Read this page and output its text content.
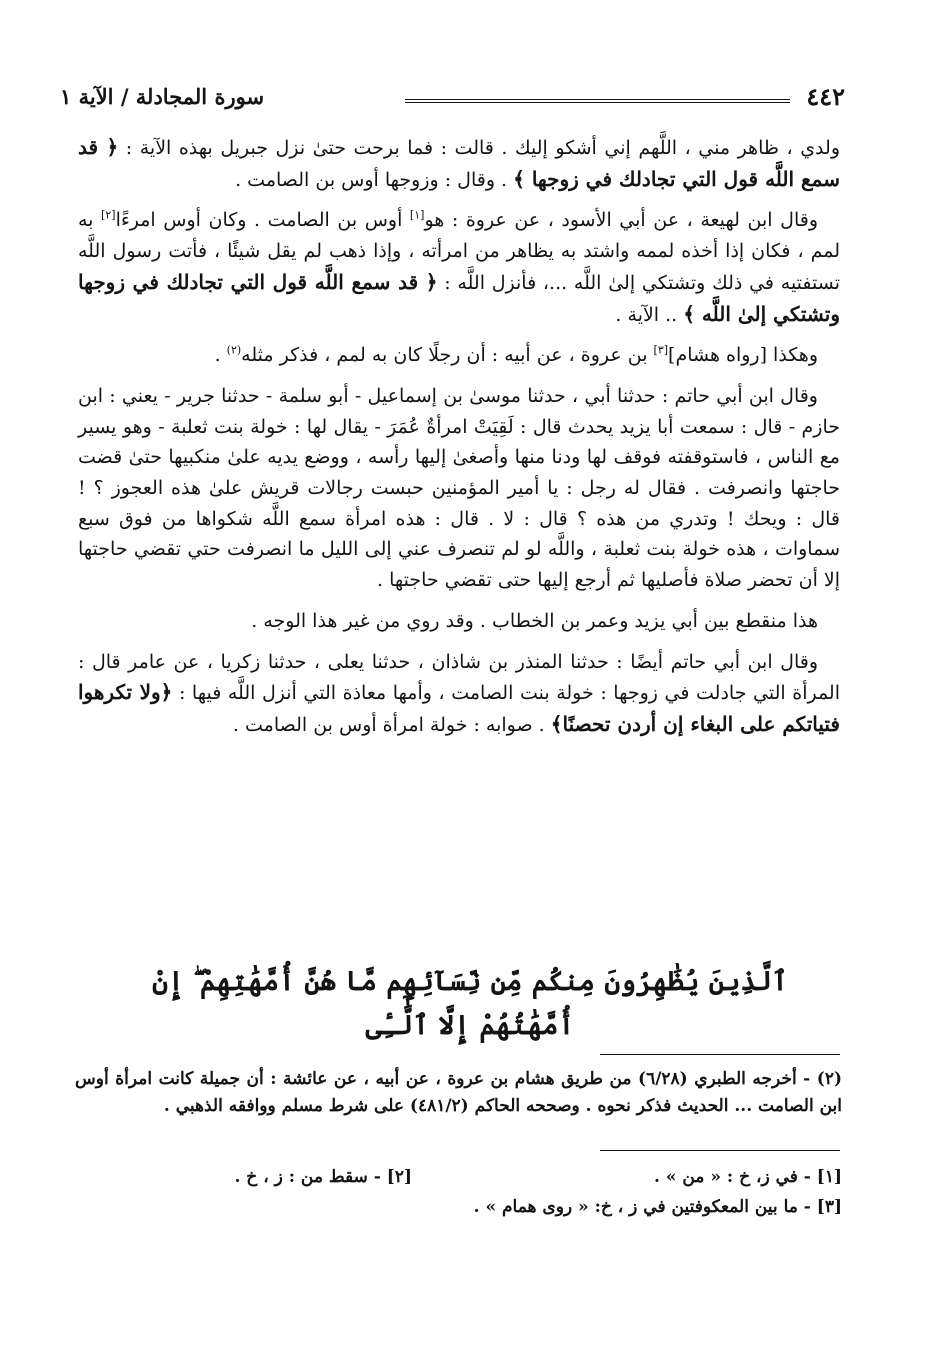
سورة المجادلة / الآية ١	٤٤٢

ولدي ، ظاهر مني ، اللَّهم إني أشكو إليك . قالت : فما برحت حتىٰ نزل جبريل بهذه الآية : ﴿ قد سمع اللَّه قول التي تجادلك في زوجها ﴾ . وقال : وزوجها أوس بن الصامت .

وقال ابن لهيعة ، عن أبي الأسود ، عن عروة : هو[١] أوس بن الصامت . وكان أوس امرءًا[٢] به لمم ، فكان إذا أخذه لممه واشتد به يظاهر من امرأته ، وإذا ذهب لم يقل شيئًا ، فأتت رسول اللَّه تستفتيه في ذلك وتشتكي إلىٰ اللَّه ...، فأنزل اللَّه : ﴿ قد سمع اللَّه قول التي تجادلك في زوجها وتشتكي إلىٰ اللَّه ﴾ .. الآية .

وهكذا [رواه هشام][٣] بن عروة ، عن أبيه : أن رجلًا كان به لمم ، فذكر مثله$^{(٢)}$ .

وقال ابن أبي حاتم : حدثنا أبي ، حدثنا موسىٰ بن إسماعيل - أبو سلمة - حدثنا جرير - يعني : ابن حازم - قال : سمعت أبا يزيد يحدث قال : لَقِيَتْ امرأةٌ عُمَرَ - يقال لها : خولة بنت ثعلبة - وهو يسير مع الناس ، فاستوقفته فوقف لها ودنا منها وأصغىٰ إليها رأسه ، ووضع يديه علىٰ منكبيها حتىٰ قضت حاجتها وانصرفت . فقال له رجل : يا أمير المؤمنين حبست رجالات قريش علىٰ هذه العجوز ؟ ! قال : ويحك ! وتدري من هذه ؟ قال : لا . قال : هذه امرأة سمع اللَّه شكواها من فوق سبع سماوات ، هذه خولة بنت ثعلبة ، واللَّه لو لم تنصرف عني إلى الليل ما انصرفت حتي تقضي حاجتها إلا أن تحضر صلاة فأصليها ثم أرجع إليها حتى تقضي حاجتها .

هذا منقطع بين أبي يزيد وعمر بن الخطاب . وقد روي من غير هذا الوجه .

وقال ابن أبي حاتم أيضًا : حدثنا المنذر بن شاذان ، حدثنا يعلى ، حدثنا زكريا ، عن عامر قال : المرأة التي جادلت في زوجها : خولة بنت الصامت ، وأمها معاذة التي أنزل اللَّه فيها : ﴿ولا تكرهوا فتياتكم على البغاء إن أردن تحصنًا﴾ . صوابه : خولة امرأة أوس بن الصامت .

ٱلَّذِينَ يُظَٰهِرُونَ مِنكُم مِّن نِّسَآئِهِم مَّا هُنَّ أُمَّهَٰتِهِمْ ۖ إِنْ أُمَّهَٰتُهُمْ إِلَّا ٱلَّٰٓـِٔى
(٢) - أخرجه الطبري (٦/٢٨) من طريق هشام بن عروة ، عن أبيه ، عن عائشة : أن جميلة كانت امرأة أوس ابن الصامت ... الحديث فذكر نحوه . وصححه الحاكم (٤٨١/٢) على شرط مسلم ووافقه الذهبي .
[١] - في ز، خ : « من » .
[٢] - سقط من : ز ، خ .
[٣] - ما بين المعكوفتين في ز ، خ: « روى همام » .
